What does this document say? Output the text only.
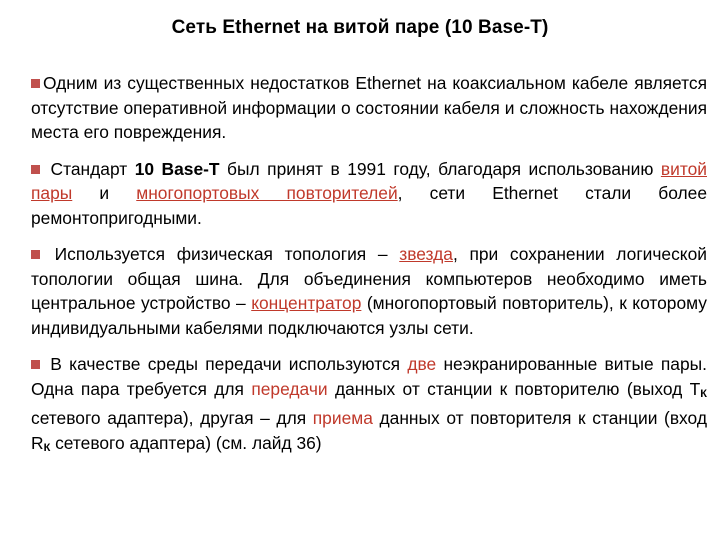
Сеть Ethernet на витой паре (10 Base-T)

Одним из существенных недостатков Ethernet на коаксиальном кабеле является отсутствие оперативной информации о состоянии кабеля и сложность нахождения места его повреждения.

Стандарт 10 Base-T был принят в 1991 году, благодаря использованию витой пары и многопортовых повторителей, сети Ethernet стали более ремонтопригодными.

Используется физическая топология – звезда, при сохранении логической топологии общая шина. Для объединения компьютеров необходимо иметь центральное устройство – концентратор (многопортовый повторитель), к которому индивидуальными кабелями подключаются узлы сети.

В качестве среды передачи используются две неэкранированные витые пары. Одна пара требуется для передачи данных от станции к повторителю (выход ТК сетевого адаптера), другая – для приема данных от повторителя к станции (вход RК сетевого адаптера) (см. лайд 36)
